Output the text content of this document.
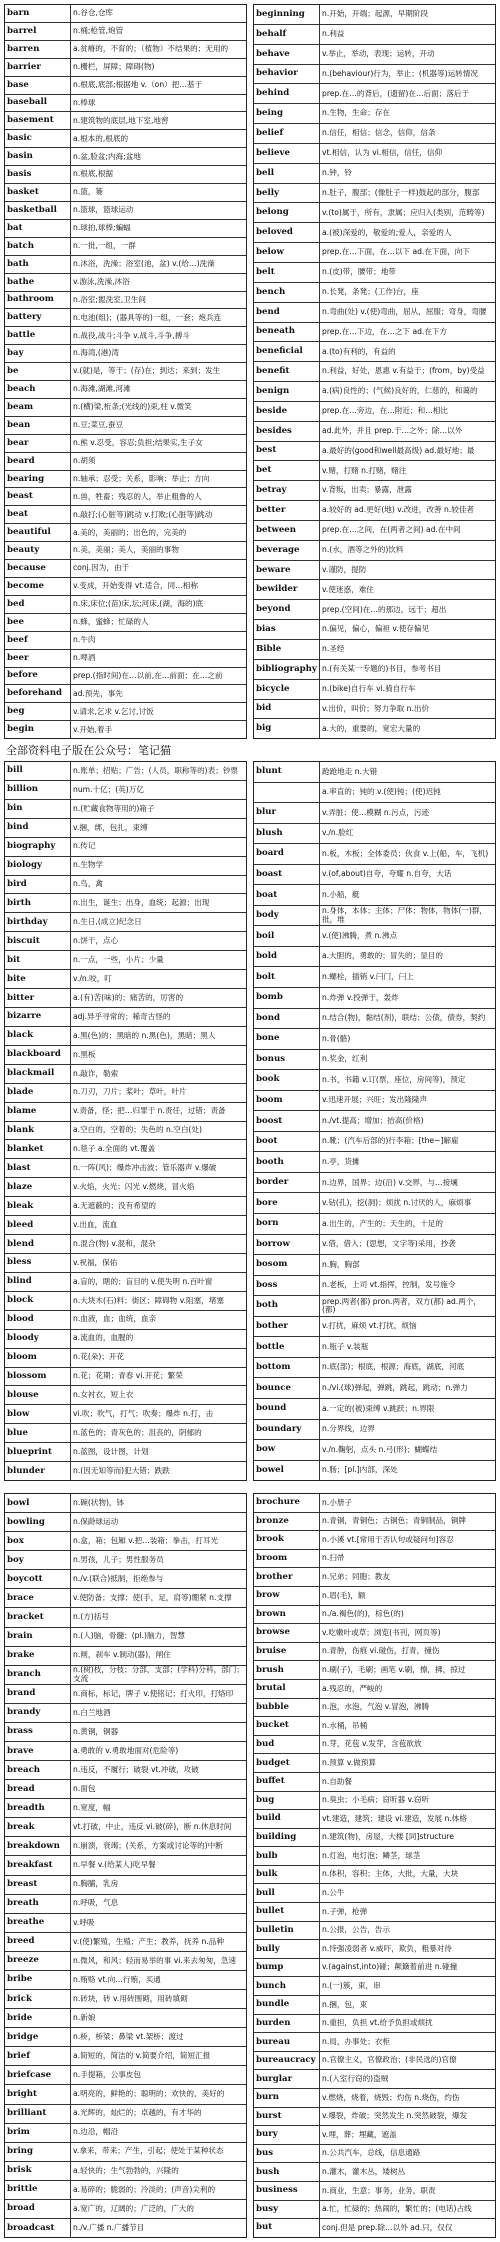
barn	n.谷仓,仓库
barrel	n.桶;枪管,炮管
barren	a.贫瘠的，不育的；（植物）不结果的；无用的
barrier	n.栅栏，屏障；障碍(物)
base	n.根底,底部;根据地 v.（on）把…基于
baseball	n.棒球
basement	n.建筑物的底层,地下室,地窖
basic	a.根本的,根底的
basin	n.盆,脸盆;内海;盆地
basis	n.根底,根据
basket	n.篮，篓
basketball	n.篮球，篮球运动
bat	n.球拍,球棒;蝙蝠
batch	n.一批,一组，一群
bath	n.沐浴，洗澡；浴室(池，盆) v.(给…)洗澡
bathe	v.游泳,洗澡,沐浴
bathroom	n.浴室;盥洗室,卫生间
battery	n.电池(组)；(器具等的)一组，一套；炮兵连
battle	n.战役,战斗;斗争 v.战斗,斗争,搏斗
bay	n.海湾,(港)湾
be	v.(就)是，等于；(存)在；到达；来到；发生
beach	n.海滩,湖滩,河滩
beam	n.(横)梁,桁条;(光线的)束,柱 v.微笑
bean	n.豆;菜豆,蚕豆
bear	n.熊 v.忍受，容忍;负担;结果实,生子女
beard	n.胡须
bearing	n.轴承；忍受；关系，影响；举止；方向
beast	n.兽，牲畜；残忍的人，举止粗鲁的人
beat	n.敲打;(心脏等)跳动 v.打败;(心脏等)跳动
beautiful	a.美的，美丽的；出色的，完美的
beauty	n.美，美丽；美人，美丽的事物
because	conj.因为，由于
become	v.变成，开始变得 vt.适合，同…相称
bed	n.床,床位;(苗)床,坛;河床,(湖，海的)底
bee	n.蜂，蜜蜂；忙碌的人
beef	n.牛肉
beer	n.啤酒
before	prep.(指时间)在…以前,在…前面；在…之前
beforehand	ad.预先，事先
beg	v.请求,乞求 v.乞讨,讨饭
begin	v.开始,着手
beginning	n.开始，开端；起源，早期阶段
behalf	n.利益
behave	v.举止，举动，表现；运转，开动
behavior	n.(behaviour)行为，举止；(机器等)运转情况
behind	prep.在…的背后，(遗留)在…后面；落后于
being	n.生物，生命；存在
belief	n.信任，相信；信念，信仰，信条
believe	vt.相信，认为 vi.相信，信任，信仰
bell	n.钟，铃
belly	n.肚子，腹部；(像肚子一样)鼓起的部分，腹部
belong	v.(to)属于，所有，隶属；应归入(类别，范畴等)
beloved	a.(被)深爱的，敬爱的;爱人，亲爱的人
below	prep.在…下面，在…以下 ad.在下面，向下
belt	n.(皮)带，腰带；地带
bench	n.长凳，条凳；(工作)台，座
bend	n.弯曲(处) v.(使)弯曲，屈从，屈服；弯身，弯腰
beneath	prep.在…下边，在…之下 ad.在下方
beneficial	a.(to)有利的，有益的
benefit	n.利益，好处，恩惠 v.有益于；(from，by)受益
benign	a.(病)良性的；(气候)良好的，仁慈的，和蔼的
beside	prep.在…旁边，在…附近；和…相比
besides	ad.此外，并且 prep.于…之外；除…以外
best	a.最好的(good和well最高级) ad.最好地；最
bet	v.赌，打赌 n.打赌，赌注
betray	v.背叛，出卖；暴露，泄露
better	a.较好的 ad.更好(地) v.改进，改善 n.较佳者
between	prep.在…之间，在(两者之间) ad.在中间
beverage	n.(水，酒等之外的)饮料
beware	v.谨防，提防
bewilder	v.使迷惑，难住
beyond	prep.(空间)在…的那边，远于；超出
bias	n.偏见，偏心，偏袒 v.使存偏见
Bible	n.圣经
bibliography n.(有关某一专题的)书目，参考书目
bicycle	n.(bike)自行车 vi.骑自行车
bid	v.出价，叫价；努力争取 n.出价
big	a.大的，重要的，宽宏大量的
全部资料电子版在公众号：笔记猫
bill	n.账单；招贴；广告；(人员，职称等的)表；钞票
billion	num.十亿；(英)万亿
bin	n.(贮藏食物等用的)箱子
bind	v.捆，绑，包扎，束缚
biography	n.传记
biology	n.生物学
bird	n.鸟，禽
birth	n.出生，诞生；出身，血统；起源；出现
birthday	n.生日,(成立)纪念日
biscuit	n.饼干，点心
bit	n.一点，一些，小片；少量
bite	v./n.咬，叮
bitter	a.(有)苦(味)的；痛苦的，厉害的
bizarre	adj.异乎寻常的；稀奇古怪的
black	a.黑(色)的；黑暗的 n.黑(色)，黑暗；黑人
blackboard	n.黑板
blackmail	n.敲诈，勒索
blade	n.刀刃，刀片；桨叶；草叶，叶片
blame	v.责备，怪；把…归罪于 n.责任，过错；责备
blank	a.空白的，空着的；失色的 n.空白(处)
blanket	n.毯子 a.全面的 vt.覆盖
blast	n.一阵(风)；爆炸冲击波；管乐器声 v.爆破
blaze	v.火焰，火光；闪光 v.燃烧，冒火焰
bleak	a.无遮蔽的；没有希望的
bleed	v.出血，流血
blend	n.混合(物) v.混和，混杂
bless	v.祝福，保佑
blind	a.盲的，瞎的；盲目的 v.使失明 n.百叶窗
block	n.大块木(石)料；街区；障碍物 v.阻塞，堵塞
blood	n.血液，血；血统，血亲
bloody	a.流血的，血腥的
bloom	n.花(朵)；开花
blossom	n.花；花期；青春 vi.开花；繁荣
blouse	n.女衬衣，短上衣
blow	vi.吹；吹气，打气；吹奏；爆炸 n.打，击
blue	n.蓝色的；青灰色的；沮丧的，阴郁的
blueprint	n.蓝图，设计图，计划
blunder	n.(因无知等而)犯大错；跌跌
blunt	跄跄地走 n.大错
a.率直的；钝的 v.(使)钝；(使)迟钝
blur	v.弄脏；使…模糊 n.污点，污迹
blush	v./n.脸红
board	n.板，木板；全体委员；伙食 v.上(船，车，飞机)
boast	v.(of,about)自夸，夸耀 n.自夸，大话
boat	n.小船，艇
body	n.身体，本体；主体；尸体；物体，物体(一)群，批，堆
boil	v.(使)沸腾，煮 n.沸点
bold	a.大胆的，勇敢的；冒失的；显目的
bolt	n.螺栓，插销 v.闩门，闩上
bomb	n.炸弹 v.投弹于，轰炸
bond	n.结合(物)，黏结(剂)，联结；公债，债券，契约
bone	n.骨(骼)
bonus	n.奖金，红利
book	n.书，书籍 v.订(票，座位，房间等)，预定
boom	v.迅速开展；兴旺；发出隆隆声
boost	n./vt.提高；增加；抬高(价格)
boot	n.靴；(汽车后部的)行李箱；[the~]解雇
booth	n.亭，货摊
border	n.边界，国界；边(沿) v.交界，与…接壤
bore	v.钻(孔)，挖(洞)；烦扰 n.讨厌的人，麻烦事
born	a.出生的，产生的；天生的，十足的
borrow	v.借，借入；(思想，文字等)采用，抄袭
bosom	n.胸，胸部
boss	n.老板，上司 vt.指挥，控制，发号施令
both	prep.两者(都) pron.两者，双方(都) ad.两个，(都)
bother	v.打扰，麻烦 vt.打扰，烦恼
bottle	n.瓶子 v.装瓶
bottom	n.底(部)；根底，根源；海底，湖底，河底
bounce	n./vi.(球)弹起，弹跳，跳起，跳动；n.弹力
bound	a.一定的(被)束缚 v.跳跃；n.界限
boundary	n.分界线，边界
bow	v./n.鞠躬，点头 n.弓(形)；蝴蝶结
bowel	n.肠；[pl.]内部，深处
bowl	n.碗(状物)，钵
bowling	n.保龄球运动
box	n.盒，箱；包厢 v.把…装箱；拳击，打耳光
boy	n.男孩，儿子；男性服务员
boycott	n./v.(联合)抵制，拒绝参与
brace	v.使防备；支撑；使(手，足，肩等)绷紧 n.支撑
bracket	n.(方)括号
brain	n.(人)脑，骨髓；(pl.)脑力，智慧
brake	n.闸，刹车 v.制动(器)，闸住
branch	n.(树)枝，分枝；分部，支部；(学科)分科，部门；支流
brand	n.商标，标记，牌子 v.使铭记；打火印，打烙印
brandy	n.白兰地酒
brass	n.黄铜，铜器
brave	a.勇敢的 v.勇敢地面对(危险等)
breach	n.违反，不履行；破裂 vt.冲破，攻破
bread	n.面包
breadth	n.宽度，幅
break	vt.打破，中止，违反 vi.破(碎)，断 n.休息时间
breakdown	n.崩溃，衰竭；(关系，方案或讨论等的)中断
breakfast	n.早餐 v.(给某人)吃早餐
breast	n.胸脯，乳房
breath	n.呼吸，气息
breathe	v.呼吸
breed	v.(使)繁殖，生殖；产生；教养，抚养 n.品种
breeze	n.微风，和风；轻而易举的事 vi.来去匆匆，急速
bribe	n.贿赂 vt.向…行贿，买通
brick	n.砖块，砖 v.用砖围砌，用砖填砌
bride	n.新娘
bridge	n.桥，桥梁；鼻梁 vt.架桥；渡过
brief	a.简短的，简洁的 v.简要介绍，简短汇报
briefcase	n.手提箱，公事皮包
bright	a.明亮的，鲜艳的；聪明的；欢快的，美好的
brilliant	a.光辉的，灿烂的；卓越的，有才华的
brim	n.边沿，帽沿
bring	v.拿来，带来；产生，引起；使处于某种状态
brisk	a.轻快的；生气勃勃的，兴隆的
brittle	a.易碎的；脆弱的；冷淡的；(声音)尖利的
broad	a.宽广的，辽阔的；广泛的，广大的
broadcast	n./v.广播 n.广播节目
brochure	n.小册子
bronze	n.青铜，青铜色；古铜色；青铜制品，铜牌
brook	n.小溪 vt.[常用于否认句或疑问句]容忍
broom	n.扫帚
brother	n.兄弟；同胞；教友
brow	n.眉(毛)，额
brown	n./a.褐色(的)，棕色(的)
browse	v.吃嫩叶或草；浏览(书刊，网页等)
bruise	n.青肿，伤痕 vi.碰伤，打青，撞伤
brush	n.刷(子)，毛刷；画笔 v.刷，擦，拂，掠过
brutal	a.残忍的，严峻的
bubble	n.泡，水泡，气泡 v.冒泡，沸腾
bucket	n.水桶，吊桶
bud	n.芽，花苞 v.发芽，含苞欲放
budget	n.预算 v.做预算
buffet	n.自助餐
bug	n.臭虫；小毛病；窃听器 v.窃听
build	vt.建造，建筑；建设 vi.建造，发展 n.体格
building	n.建筑(物)，房屋，大楼 [同]structure
bulb	n.灯泡，电灯泡；鳞茎，球茎
bulk	n.体积，容积；主体，大批，大量，大块
bull	n.公牛
bullet	n.子弹，枪弹
bulletin	n.公报，公告，告示
bully	n.恃强凌弱者 v.威吓，欺负，粗暴对待
bump	v.(against,into)碰；颠簸着前进 n.碰撞
bunch	n.(一)簇，束，串
bundle	n.捆，包，束
burden	n.重担，负担 vt.给予负担或烦扰
bureau	n.局，办事处；衣柜
bureaucracy n.官僚主义，官僚政治；(非民选的)官僚
burglar	n.(入室行窃的)盗贼
burn	v.燃烧，烧着，烧毁；灼伤 n.烧伤，灼伤
burst	v.爆裂，炸破；突然发生 n.突然破裂，爆发
bury	v.埋，葬；埋藏，遮盖
bus	n.公共汽车，总线，信息通路
bush	n.灌木，灌木丛，矮树丛
business	n.商业，生意；事务，业务，职责
busy	a.忙，忙碌的；热闹的，繁忙的；(电话)占线
but	conj.但是 prep.除…以外 ad.只，仅仅
